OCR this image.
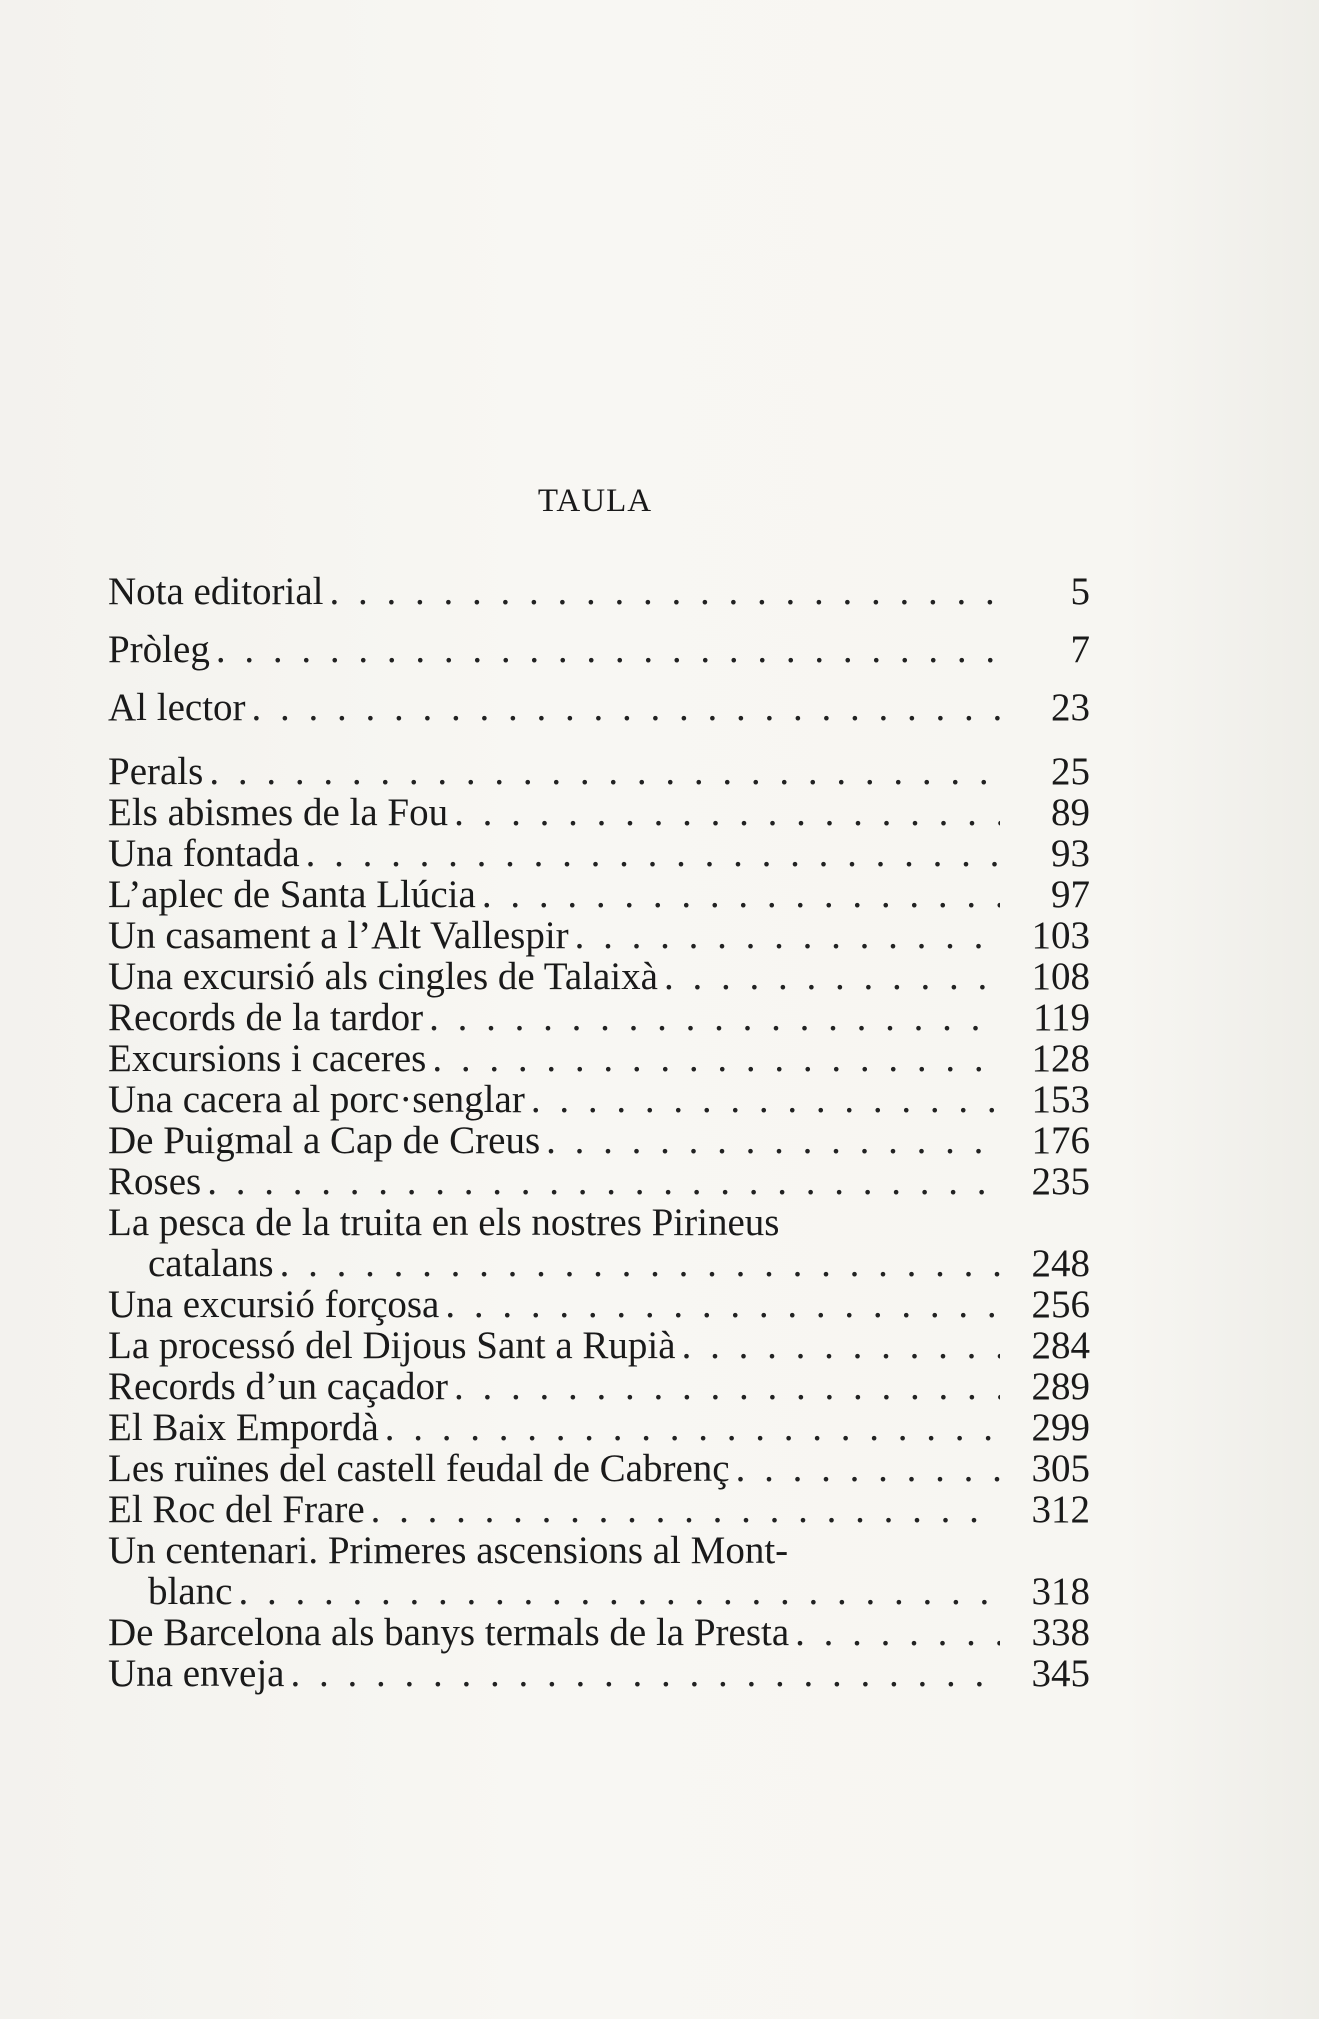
TAULA
Nota editorial . . .	5
Pròleg . . .	7
Al lector . . .	23
Perals . . .	25
Els abismes de la Fou . . .	89
Una fontada . . .	93
L’aplec de Santa Llúcia . . .	97
Un casament a l’Alt Vallespir . . .	103
Una excursió als cingles de Talaixà . . .	108
Records de la tardor . . .	119
Excursions i caceres . . .	128
Una cacera al porc·senglar . . .	153
De Puigmal a Cap de Creus . . .	176
Roses . . .	235
La pesca de la truita en els nostres Pirineus
catalans . . .	248
Una excursió forçosa . . .	256
La processó del Dijous Sant a Rupià . . .	284
Records d’un caçador . . .	289
El Baix Empordà . . .	299
Les ruïnes del castell feudal de Cabrenç . . .	305
El Roc del Frare . . .	312
Un centenari. Primeres ascensions al Mont-
blanc . . .	318
De Barcelona als banys termals de la Presta . . .	338
Una enveja . . .	345
